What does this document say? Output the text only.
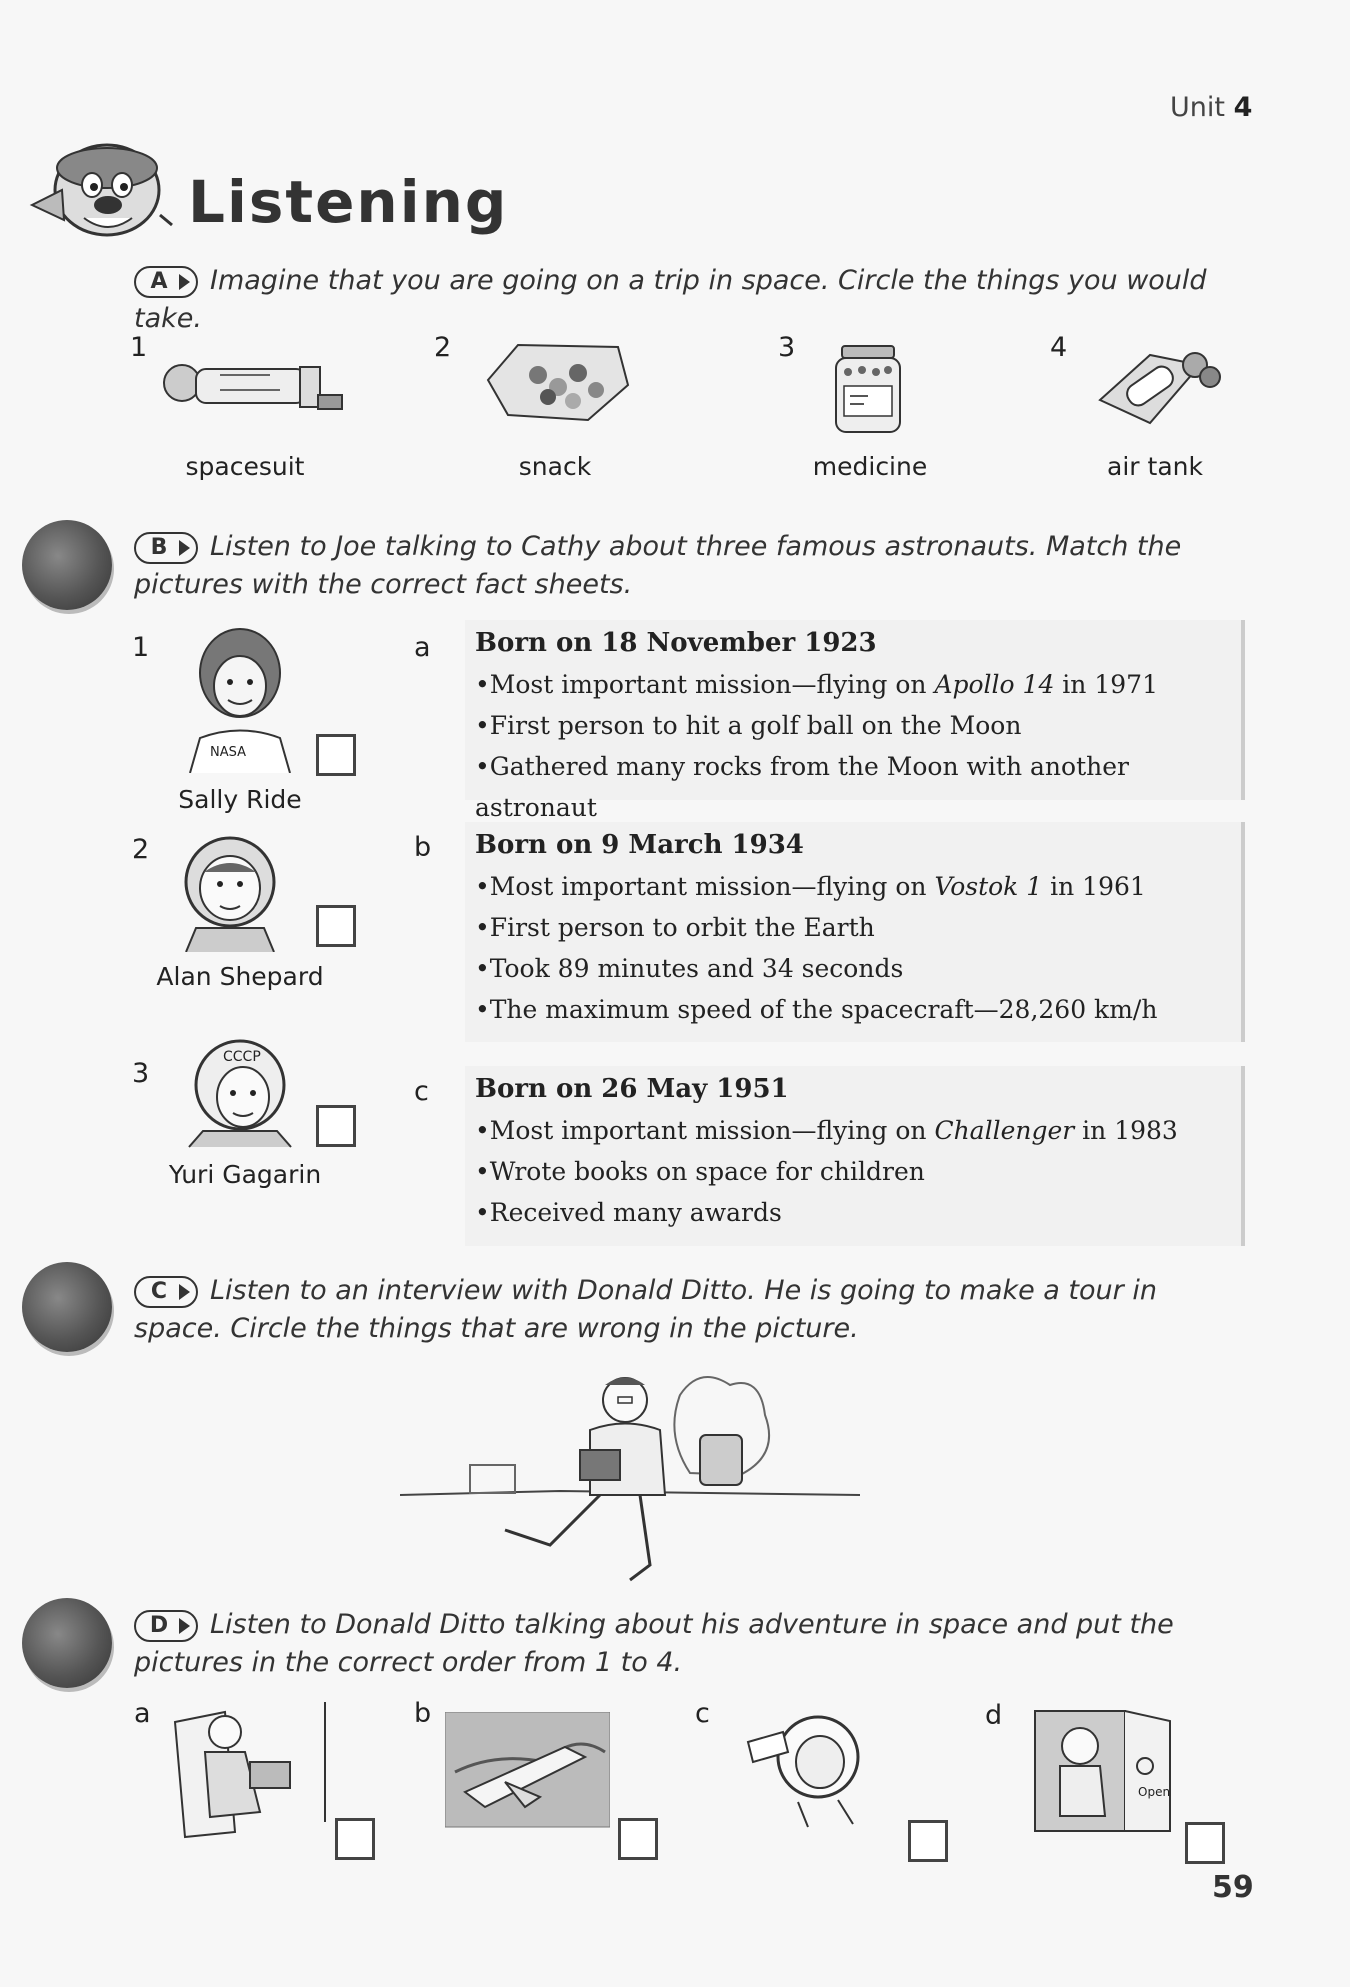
Unit 4
Listening
A Imagine that you are going on a trip in space. Circle the things you would take.
1
spacesuit
2
snack
3
medicine
4
air tank
B Listen to Joe talking to Cathy about three famous astronauts. Match the pictures with the correct fact sheets.
1
NASA
Sally Ride
2
Alan Shepard
3
CCCP
Yuri Gagarin
a Born on 18 November 1923
• Most important mission—flying on Apollo 14 in 1971
• First person to hit a golf ball on the Moon
• Gathered many rocks from the Moon with another astronaut
b Born on 9 March 1934
• Most important mission—flying on Vostok 1 in 1961
• First person to orbit the Earth
• Took 89 minutes and 34 seconds
• The maximum speed of the spacecraft—28,260 km/h
c Born on 26 May 1951
• Most important mission—flying on Challenger in 1983
• Wrote books on space for children
• Received many awards
C Listen to an interview with Donald Ditto. He is going to make a tour in space. Circle the things that are wrong in the picture.
D Listen to Donald Ditto talking about his adventure in space and put the pictures in the correct order from 1 to 4.
a	b	c	d
Open
59
